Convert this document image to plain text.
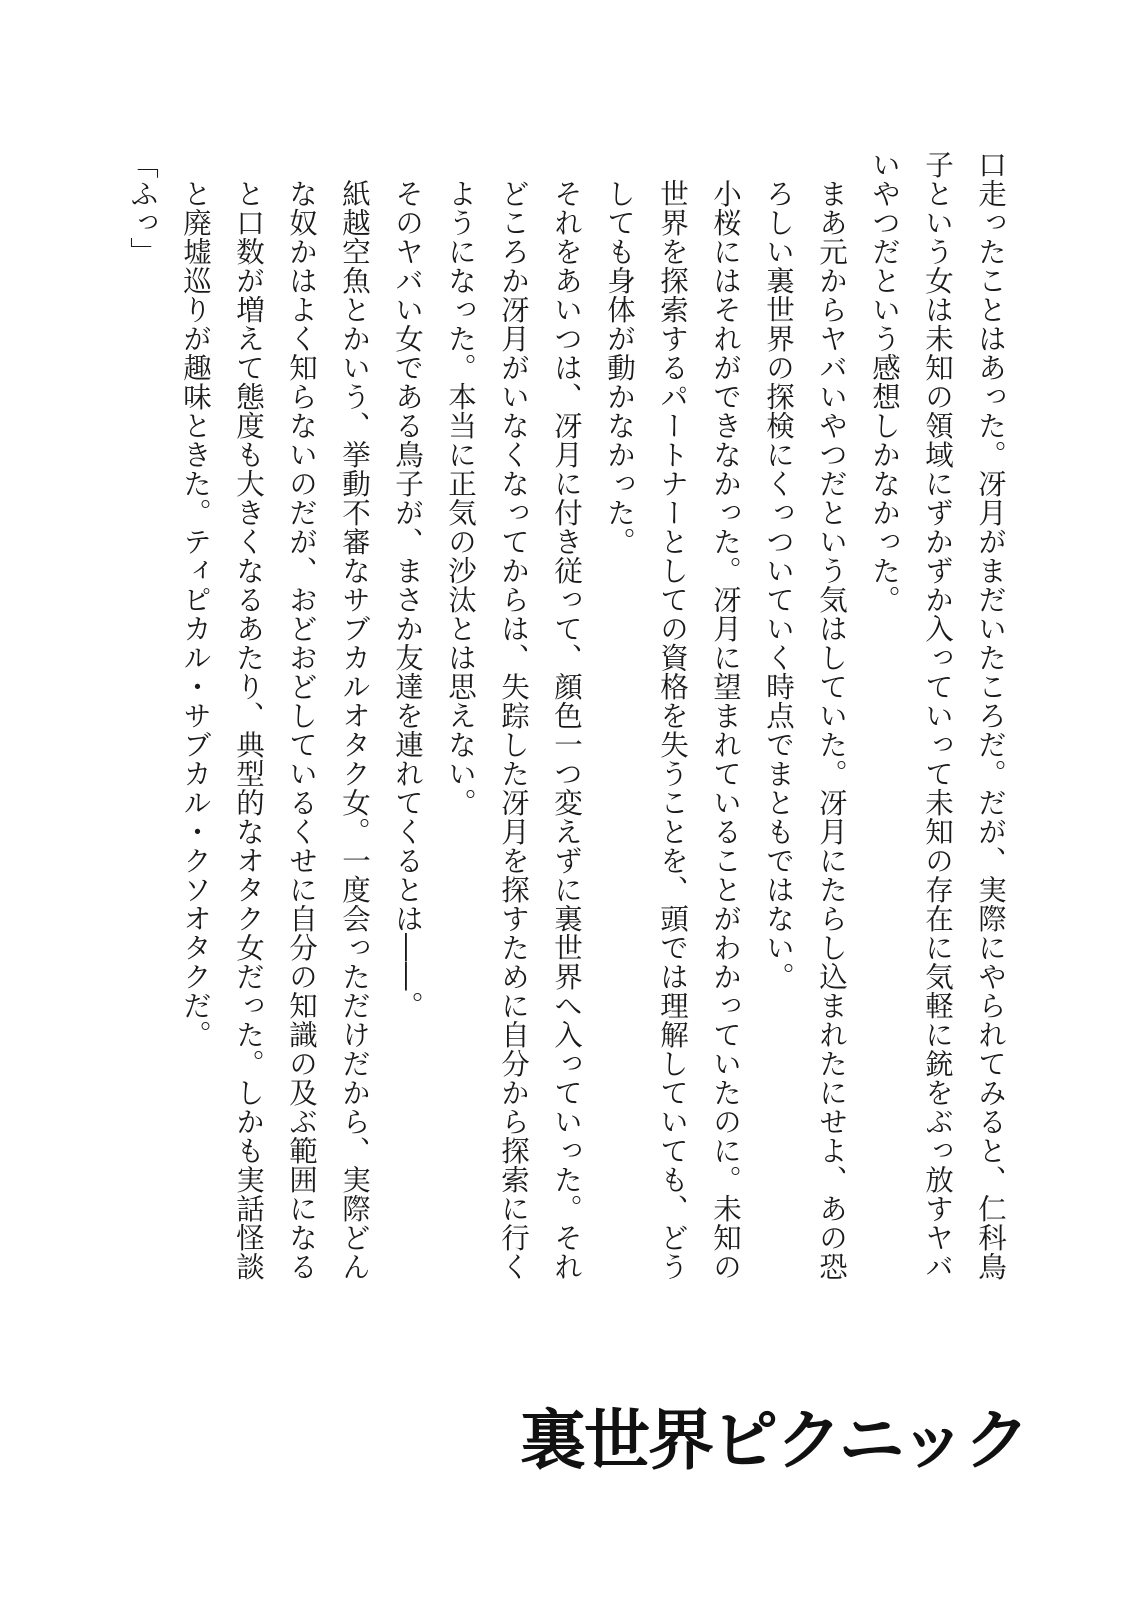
口走ったことはあった。冴月がまだいたころだ。だが、実際にやられてみると、仁科鳥子という女は未知の領域にずかずか入っていって未知の存在に気軽に銃をぶっ放すヤバいやつだという感想しかなかった。

まあ元からヤバいやつだという気はしていた。冴月にたらし込まれたにせよ、あの恐ろしい裏世界の探検にくっついていく時点でまともではない。

小桜にはそれができなかった。冴月に望まれていることがわかっていたのに。未知の世界を探索するパートナーとしての資格を失うことを、頭では理解していても、どうしても身体が動かなかった。

それをあいつは、冴月に付き従って、顔色一つ変えずに裏世界へ入っていった。それどころか冴月がいなくなってからは、失踪した冴月を探すために自分から探索に行くようになった。本当に正気の沙汰とは思えない。

そのヤバい女である鳥子が、まさか友達を連れてくるとは――。

紙越空魚とかいう、挙動不審なサブカルオタク女。一度会っただけだから、実際どんな奴かはよく知らないのだが、おどおどしているくせに自分の知識の及ぶ範囲になると口数が増えて態度も大きくなるあたり、典型的なオタク女だった。しかも実話怪談と廃墟巡りが趣味ときた。ティピカル・サブカル・クソオタクだ。

「ふっ」

裏世界ピクニック
